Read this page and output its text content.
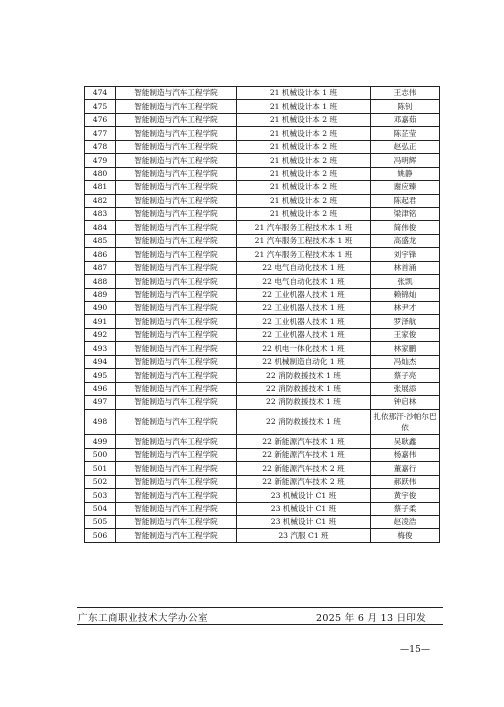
474	智能制造与汽车工程学院	21 机械设计本 1 班	王志伟
475	智能制造与汽车工程学院	21 机械设计本 1 班	陈钊
476	智能制造与汽车工程学院	21 机械设计本 2 班	邓嘉茹
477	智能制造与汽车工程学院	21 机械设计本 2 班	陈芷莹
478	智能制造与汽车工程学院	21 机械设计本 2 班	赵弘正
479	智能制造与汽车工程学院	21 机械设计本 2 班	冯明辉
480	智能制造与汽车工程学院	21 机械设计本 2 班	姚静
481	智能制造与汽车工程学院	21 机械设计本 2 班	谢应臻
482	智能制造与汽车工程学院	21 机械设计本 2 班	陈起君
483	智能制造与汽车工程学院	21 机械设计本 2 班	梁津铭
484	智能制造与汽车工程学院	21 汽车服务工程技术本 1 班	简伟俊
485	智能制造与汽车工程学院	21 汽车服务工程技术本 1 班	高盛龙
486	智能制造与汽车工程学院	21 汽车服务工程技术本 1 班	刘宇锋
487	智能制造与汽车工程学院	22 电气自动化技术 1 班	林首涌
488	智能制造与汽车工程学院	22 电气自动化技术 1 班	张凯
489	智能制造与汽车工程学院	22 工业机器人技术 1 班	赖锦灿
490	智能制造与汽车工程学院	22 工业机器人技术 1 班	林尹才
491	智能制造与汽车工程学院	22 工业机器人技术 1 班	罗泽航
492	智能制造与汽车工程学院	22 工业机器人技术 1 班	王家俊
493	智能制造与汽车工程学院	22 机电一体化技术 1 班	林家鹏
494	智能制造与汽车工程学院	22 机械制造自动化 1 班	冯灿杰
495	智能制造与汽车工程学院	22 消防救援技术 1 班	蔡子亮
496	智能制造与汽车工程学院	22 消防救援技术 1 班	张展添
497	智能制造与汽车工程学院	22 消防救援技术 1 班	钟启林
498	智能制造与汽车工程学院	22 消防救援技术 1 班	扎依那汗·沙帕尔巴依
499	智能制造与汽车工程学院	22 新能源汽车技术 1 班	吴耿鑫
500	智能制造与汽车工程学院	22 新能源汽车技术 1 班	杨嘉伟
501	智能制造与汽车工程学院	22 新能源汽车技术 2 班	董嘉行
502	智能制造与汽车工程学院	22 新能源汽车技术 2 班	郝跃伟
503	智能制造与汽车工程学院	23 机械设计 C1 班	黄宇俊
504	智能制造与汽车工程学院	23 机械设计 C1 班	蔡子柔
505	智能制造与汽车工程学院	23 机械设计 C1 班	赵凌浩
506	智能制造与汽车工程学院	23 汽服 C1 班	梅俊
广东工商职业技术大学办公室	2025 年 6 月 13 日印发
—15—
